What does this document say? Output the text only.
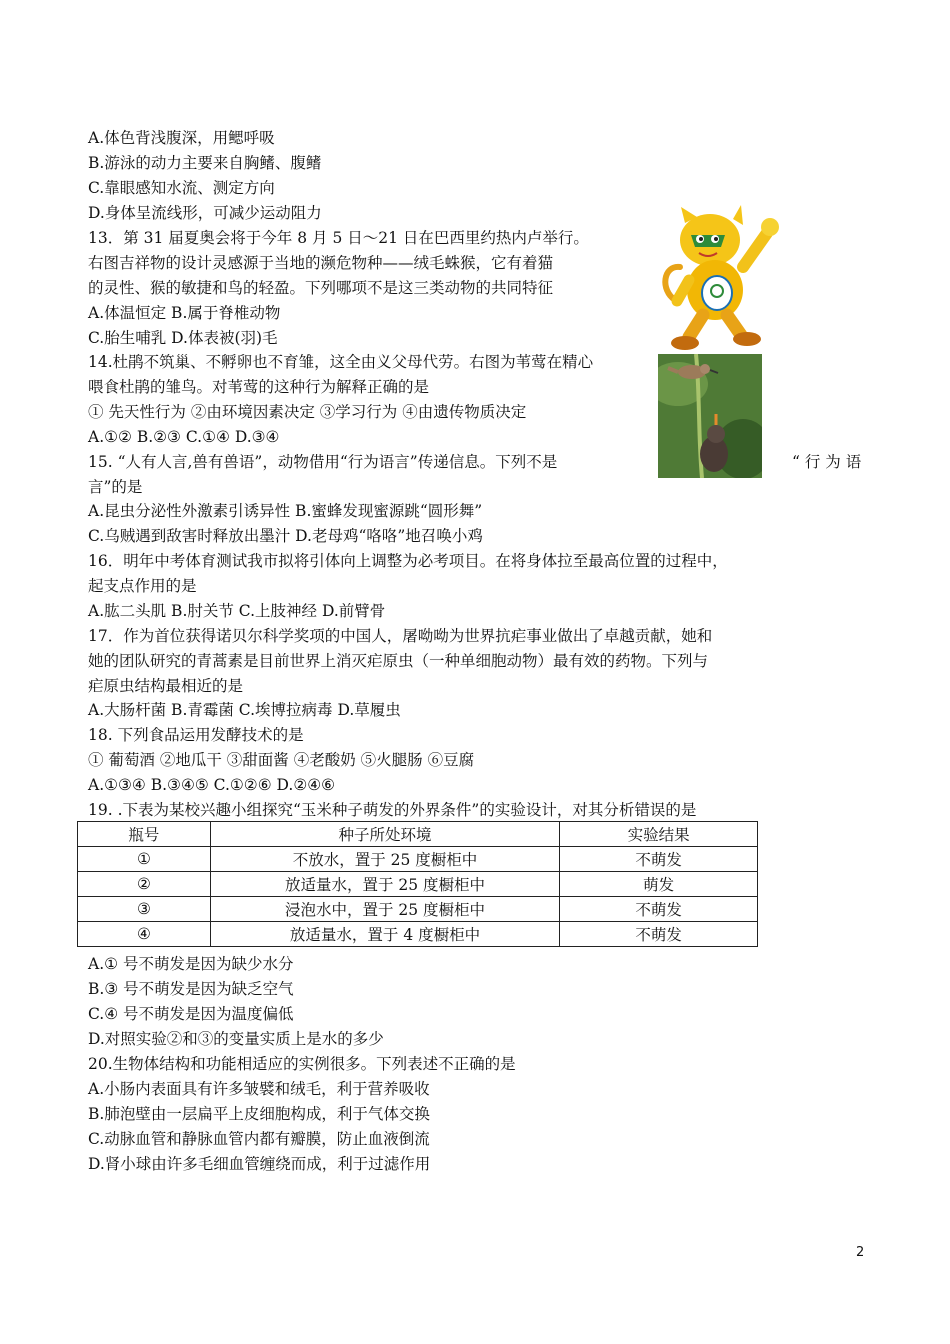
A.体色背浅腹深，用鳃呼吸
B.游泳的动力主要来自胸鳍、腹鳍
C.靠眼感知水流、测定方向
D.身体呈流线形，可减少运动阻力
13．第 31 届夏奥会将于今年 8 月 5 日～21 日在巴西里约热内卢举行。
右图吉祥物的设计灵感源于当地的濒危物种——绒毛蛛猴，它有着猫
的灵性、猴的敏捷和鸟的轻盈。下列哪项不是这三类动物的共同特征
A.体温恒定 B.属于脊椎动物
C.胎生哺乳 D.体表被(羽)毛
14.杜鹃不筑巢、不孵卵也不育雏，这全由义父母代劳。右图为苇莺在精心
喂食杜鹃的雏鸟。对苇莺的这种行为解释正确的是
① 先天性行为 ②由环境因素决定 ③学习行为 ④由遗传物质决定
A.①② B.②③ C.①④ D.③④
15. “人有人言,兽有兽语”，动物借用“行为语言”传递信息。下列不是	“ 行 为 语
言”的是
A.昆虫分泌性外激素引诱异性 B.蜜蜂发现蜜源跳“圆形舞”
C.乌贼遇到敌害时释放出墨汁 D.老母鸡“咯咯”地召唤小鸡
16．明年中考体育测试我市拟将引体向上调整为必考项目。在将身体拉至最高位置的过程中，
起支点作用的是
A.肱二头肌 B.肘关节 C.上肢神经 D.前臂骨
17．作为首位获得诺贝尔科学奖项的中国人，屠呦呦为世界抗疟事业做出了卓越贡献，她和
她的团队研究的青蒿素是目前世界上消灭疟原虫（一种单细胞动物）最有效的药物。下列与
疟原虫结构最相近的是
A.大肠杆菌 B.青霉菌 C.埃博拉病毒 D.草履虫
18. 下列食品运用发酵技术的是
① 葡萄酒 ②地瓜干 ③甜面酱 ④老酸奶 ⑤火腿肠 ⑥豆腐
A.①③④ B.③④⑤ C.①②⑥ D.②④⑥
19. .下表为某校兴趣小组探究“玉米种子萌发的外界条件”的实验设计，对其分析错误的是
瓶号	种子所处环境	实验结果
①	不放水，置于 25 度橱柜中	不萌发
②	放适量水，置于 25 度橱柜中	萌发
③	浸泡水中，置于 25 度橱柜中	不萌发
④	放适量水，置于 4 度橱柜中	不萌发
A.① 号不萌发是因为缺少水分
B.③ 号不萌发是因为缺乏空气
C.④ 号不萌发是因为温度偏低
D.对照实验②和③的变量实质上是水的多少
20.生物体结构和功能相适应的实例很多。下列表述不正确的是
A.小肠内表面具有许多皱襞和绒毛，利于营养吸收
B.肺泡壁由一层扁平上皮细胞构成，利于气体交换
C.动脉血管和静脉血管内都有瓣膜，防止血液倒流
D.肾小球由许多毛细血管缠绕而成，利于过滤作用
2
